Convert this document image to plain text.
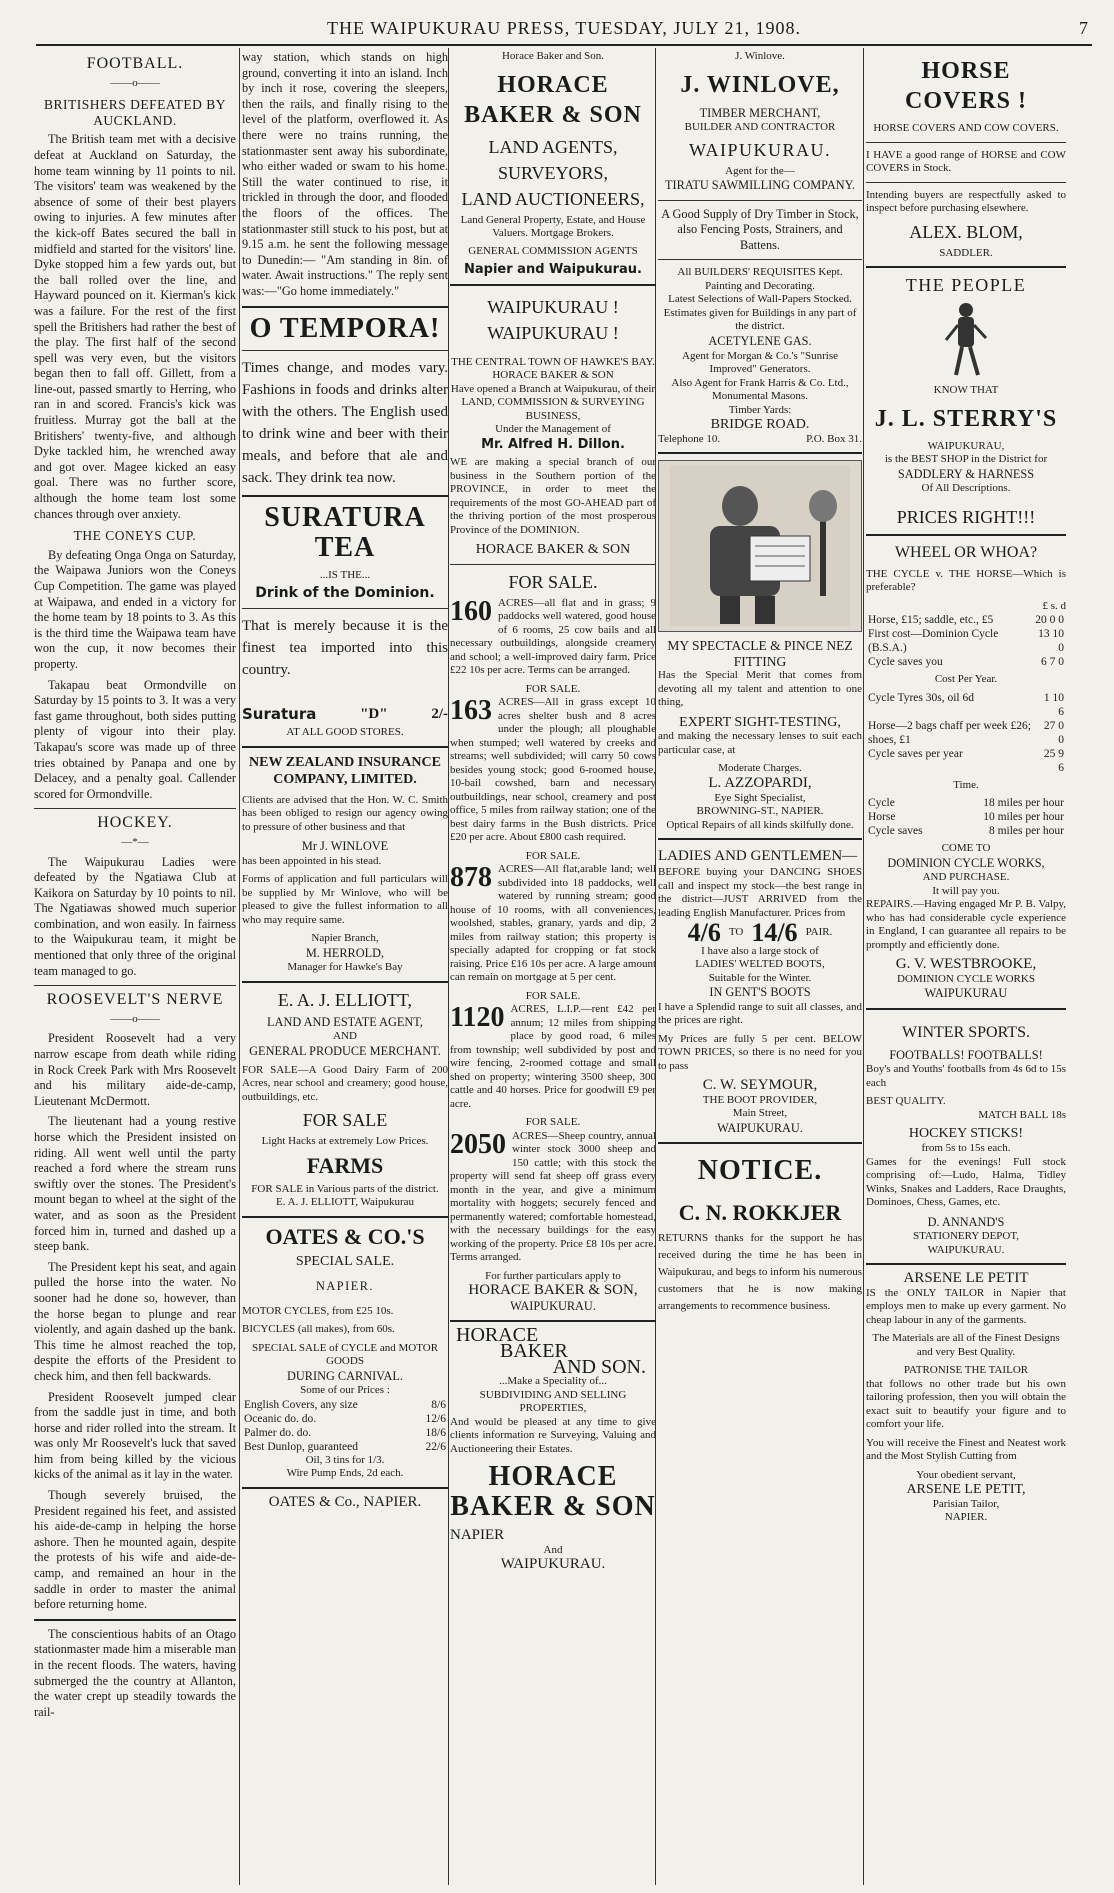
THE WAIPUKURAU PRESS, TUESDAY, JULY 21, 1908.	7
FOOTBALL.
——o——
BRITISHERS DEFEATED BY AUCKLAND.

The British team met with a decisive defeat at Auckland on Saturday, the home team winning by 11 points to nil. The visitors' team was weakened by the absence of some of their best players owing to injuries. A few minutes after the kick-off Bates secured the ball in midfield and started for the visitors' line. Dyke stopped him a few yards out, but the ball rolled over the line, and Hayward pounced on it. Kierman's kick was a failure. For the rest of the first spell the Britishers had rather the best of the play. The first half of the second spell was very even, but the visitors began then to fall off. Gillett, from a line-out, passed smartly to Herring, who ran in and scored. Francis's kick was fruitless. Murray got the ball at the Britishers' twenty-five, and although Dyke tackled him, he wrenched away and got over. Magee kicked an easy goal. There was no further score, although the home team lost some chances through over anxiety.

THE CONEYS CUP.

By defeating Onga Onga on Saturday, the Waipawa Juniors won the Coneys Cup Competition. The game was played at Waipawa, and ended in a victory for the home team by 18 points to 3. As this is the third time the Waipawa team have won the cup, it now becomes their property.

Takapau beat Ormondville on Saturday by 15 points to 3. It was a very fast game throughout, both sides putting plenty of vigour into their play. Takapau's score was made up of three tries obtained by Panapa and one by Delacey, and a penalty goal. Callender scored for Ormondville.

HOCKEY.
—*—

The Waipukurau Ladies were defeated by the Ngatiawa Club at Kaikora on Saturday by 10 points to nil. The Ngatiawas showed much superior combination, and won easily. In fairness to the Waipukurau team, it might be mentioned that only three of the original team managed to go.

ROOSEVELT'S NERVE
——o——

President Roosevelt had a very narrow escape from death while riding in Rock Creek Park with Mrs Roosevelt and his military aide-de-camp, Lieutenant McDermott.

The lieutenant had a young restive horse which the President insisted on riding. All went well until the party reached a ford where the stream runs swiftly over the stones. The President's mount began to wheel at the sight of the water, and as soon as the President forced him in, turned and dashed up a steep bank.

The President kept his seat, and again pulled the horse into the water. No sooner had he done so, however, than the horse began to plunge and rear violently, and again dashed up the bank. This time he almost reached the top, despite the efforts of the President to check him, and then fell backwards.

President Roosevelt jumped clear from the saddle just in time, and both horse and rider rolled into the stream. It was only Mr Roosevelt's luck that saved him from being killed by the vicious kicks of the animal as it lay in the water.

Though severely bruised, the President regained his feet, and assisted his aide-de-camp in helping the horse ashore. Then he mounted again, despite the protests of his wife and aide-de-camp, and remained an hour in the saddle in order to master the animal before returning home.

The conscientious habits of an Otago stationmaster made him a miserable man in the recent floods. The waters, having submerged the the country at Allanton, the water crept up steadily towards the rail-

way station, which stands on high ground, converting it into an island. Inch by inch it rose, covering the sleepers, then the rails, and finally rising to the level of the platform, overflowed it. As there were no trains running, the stationmaster sent away his subordinate, who either waded or swam to his home. Still the water continued to rise, it trickled in through the door, and flooded the floors of the offices. The stationmaster still stuck to his post, but at 9.15 a.m. he sent the following message to Dunedin:— "Am standing in 8in. of water. Await instructions." The reply sent was:—"Go home immediately."

O TEMPORA!

Times change, and modes vary. Fashions in foods and drinks alter with the others. The English used to drink wine and beer with their meals, and before that ale and sack. They drink tea now.

SURATURA TEA
...IS THE...
Drink of the Dominion.

That is merely because it is the finest tea imported into this country.

Suratura	"D"	2/-
AT ALL GOOD STORES.
NEW ZEALAND INSURANCE COMPANY, LIMITED.

Clients are advised that the Hon. W. C. Smith has been obliged to resign our agency owing to pressure of other business and that

Mr J. WINLOVE

has been appointed in his stead.

Forms of application and full particulars will be supplied by Mr Winlove, who will be pleased to give the fullest information to all who may require same.

Napier Branch,
M. HERROLD,
Manager for Hawke's Bay
E. A. J. ELLIOTT,
LAND AND ESTATE AGENT,
AND
GENERAL PRODUCE MERCHANT.

FOR SALE—A Good Dairy Farm of 200 Acres, near school and creamery; good house, outbuildings, etc.

FOR SALE
Light Hacks at extremely Low Prices.
FARMS
FOR SALE in Various parts of the district.
E. A. J. ELLIOTT, Waipukurau
OATES & CO.'S
SPECIAL SALE.
NAPIER.

MOTOR CYCLES, from £25 10s.

BICYCLES (all makes), from 60s.

SPECIAL SALE of CYCLE and MOTOR GOODS
DURING CARNIVAL.
Some of our Prices :
English Covers, any size	8/6
Oceanic do. do.	12/6
Palmer do. do.	18/6
Best Dunlop, guaranteed	22/6
Oil, 3 tins for 1/3.
Wire Pump Ends, 2d each.
OATES & Co., NAPIER.
Horace Baker and Son.
HORACE BAKER & SON
LAND AGENTS,
SURVEYORS,
LAND AUCTIONEERS,
Land General Property, Estate, and House Valuers. Mortgage Brokers.
GENERAL COMMISSION AGENTS
Napier and Waipukurau.
WAIPUKURAU !
WAIPUKURAU !
THE CENTRAL TOWN OF HAWKE'S BAY.
HORACE BAKER & SON
Have opened a Branch at Waipukurau, of their
LAND, COMMISSION & SURVEYING BUSINESS,
Under the Management of
Mr. Alfred H. Dillon.

WE are making a special branch of our business in the Southern portion of the PROVINCE, in order to meet the requirements of the most GO-AHEAD part of the thriving portion of the most prosperous Province of the DOMINION.

HORACE BAKER & SON
FOR SALE.

160 ACRES—all flat and in grass; 9 paddocks well watered, good house of 6 rooms, 25 cow bails and all necessary outbuildings, alongside creamery and school; a well-improved dairy farm. Price £22 10s per acre. Terms can be arranged.

FOR SALE.

163 ACRES—All in grass except 10 acres shelter bush and 8 acres under the plough; all ploughable when stumped; well watered by creeks and streams; well subdivided; will carry 50 cows besides young stock; good 6-roomed house, 10-bail cowshed, barn and necessary outbuildings, near school, creamery and post office, 5 miles from railway station; one of the best dairy farms in the Bush districts. Price £20 per acre. About £800 cash required.

FOR SALE.

878 ACRES—All flat,arable land; well subdivided into 18 paddocks, well watered by running stream; good house of 10 rooms, with all conveniences, woolshed, stables, granary, yards and dip, 2 miles from railway station; this property is specially adapted for cropping or fat stock raising. Price £16 10s per acre. A large amount can remain on mortgage at 5 per cent.

FOR SALE.

1120 ACRES, L.I.P.—rent £42 per annum; 12 miles from shipping place by good road, 6 miles from township; well subdivided by post and wire fencing, 2-roomed cottage and small shed on property; wintering 3500 sheep, 300 cattle and 40 horses. Price for goodwill £9 per acre.

FOR SALE.

2050 ACRES—Sheep country, annual winter stock 3000 sheep and 150 cattle; with this stock the property will send fat sheep off grass every month in the year, and give a minimum mortality with hoggets; securely fenced and permanently watered; comfortable homestead, with the necessary buildings for the easy working of the property. Price £8 10s per acre. Terms arranged.

For further particulars apply to
HORACE BAKER & SON,
WAIPUKURAU.
HORACE
BAKER
AND SON.
...Make a Speciality of...
SUBDIVIDING AND SELLING PROPERTIES,

And would be pleased at any time to give clients information re Surveying, Valuing and Auctioneering their Estates.

HORACE BAKER & SON
NAPIER
And
WAIPUKURAU.
J. Winlove.
J. WINLOVE,
TIMBER MERCHANT,
BUILDER AND CONTRACTOR
WAIPUKURAU.
Agent for the—
TIRATU SAWMILLING COMPANY.
A Good Supply of Dry Timber in Stock, also Fencing Posts, Strainers, and Battens.
All BUILDERS' REQUISITES Kept.
Painting and Decorating.
Latest Selections of Wall-Papers Stocked.
Estimates given for Buildings in any part of the district.
ACETYLENE GAS.
Agent for Morgan & Co.'s "Sunrise Improved" Generators.
Also Agent for Frank Harris & Co. Ltd., Monumental Masons.
Timber Yards:
BRIDGE ROAD.
Telephone 10.	P.O. Box 31.
MY SPECTACLE & PINCE NEZ FITTING

Has the Special Merit that comes from devoting all my talent and attention to one thing,

EXPERT SIGHT-TESTING,

and making the necessary lenses to suit each particular case, at

Moderate Charges.
L. AZZOPARDI,
Eye Sight Specialist,
BROWNING-ST., NAPIER.
Optical Repairs of all kinds skilfully done.
LADIES AND GENTLEMEN—

BEFORE buying your DANCING SHOES call and inspect my stock—the best range in the district—JUST ARRIVED from the leading English Manufacturer. Prices from

4/6 TO 14/6 PAIR.
I have also a large stock of
LADIES' WELTED BOOTS,
Suitable for the Winter.
IN GENT'S BOOTS

I have a Splendid range to suit all classes, and the prices are right.

My Prices are fully 5 per cent. BELOW TOWN PRICES, so there is no need for you to pass

C. W. SEYMOUR,
THE BOOT PROVIDER,
Main Street,
WAIPUKURAU.
NOTICE.
C. N. ROKKJER

RETURNS thanks for the support he has received during the time he has been in Waipukurau, and begs to inform his numerous customers that he is now making arrangements to recommence business.

HORSE COVERS !
HORSE COVERS AND COW COVERS.

I HAVE a good range of HORSE and COW COVERS in Stock.

Intending buyers are respectfully asked to inspect before purchasing elsewhere.

ALEX. BLOM,
SADDLER.
THE PEOPLE
KNOW THAT
J. L. STERRY'S
WAIPUKURAU,
is the BEST SHOP in the District for
SADDLERY & HARNESS
Of All Descriptions.
PRICES RIGHT!!!
WHEEL OR WHOA?

THE CYCLE v. THE HORSE—Which is preferable?

£ s. d
Horse, £15; saddle, etc., £5	20 0 0
First cost—Dominion Cycle (B.S.A.)	13 10 0
Cycle saves you	6 7 0
Cost Per Year.
Cycle Tyres 30s, oil 6d	1 10 6
Horse—2 bags chaff per week £26; shoes, £1	27 0 0
Cycle saves per year	25 9 6
Time.
Cycle	18 miles per hour
Horse	10 miles per hour
Cycle saves	8 miles per hour
COME TO
DOMINION CYCLE WORKS,
AND PURCHASE.
It will pay you.

REPAIRS.—Having engaged Mr P. B. Valpy, who has had considerable cycle experience in England, I can guarantee all repairs to be promptly and efficiently done.

G. V. WESTBROOKE,
DOMINION CYCLE WORKS
WAIPUKURAU
WINTER SPORTS.
FOOTBALLS! FOOTBALLS!

Boy's and Youths' footballs from 4s 6d to 15s each

BEST QUALITY.
MATCH BALL 18s
HOCKEY STICKS!
from 5s to 15s each.

Games for the evenings! Full stock comprising of:—Ludo, Halma, Tidley Winks, Snakes and Ladders, Race Draughts, Dominoes, Chess, Games, etc.

D. ANNAND'S
STATIONERY DEPOT,
WAIPUKURAU.
ARSENE LE PETIT

IS the ONLY TAILOR in Napier that employs men to make up every garment. No cheap labour in any of the garments.

The Materials are all of the Finest Designs and very Best Quality.

PATRONISE THE TAILOR

that follows no other trade but his own tailoring profession, then you will obtain the exact suit to beautify your figure and to comfort your life.

You will receive the Finest and Neatest work and the Most Stylish Cutting from

Your obedient servant,
ARSENE LE PETIT,
Parisian Tailor,
NAPIER.
